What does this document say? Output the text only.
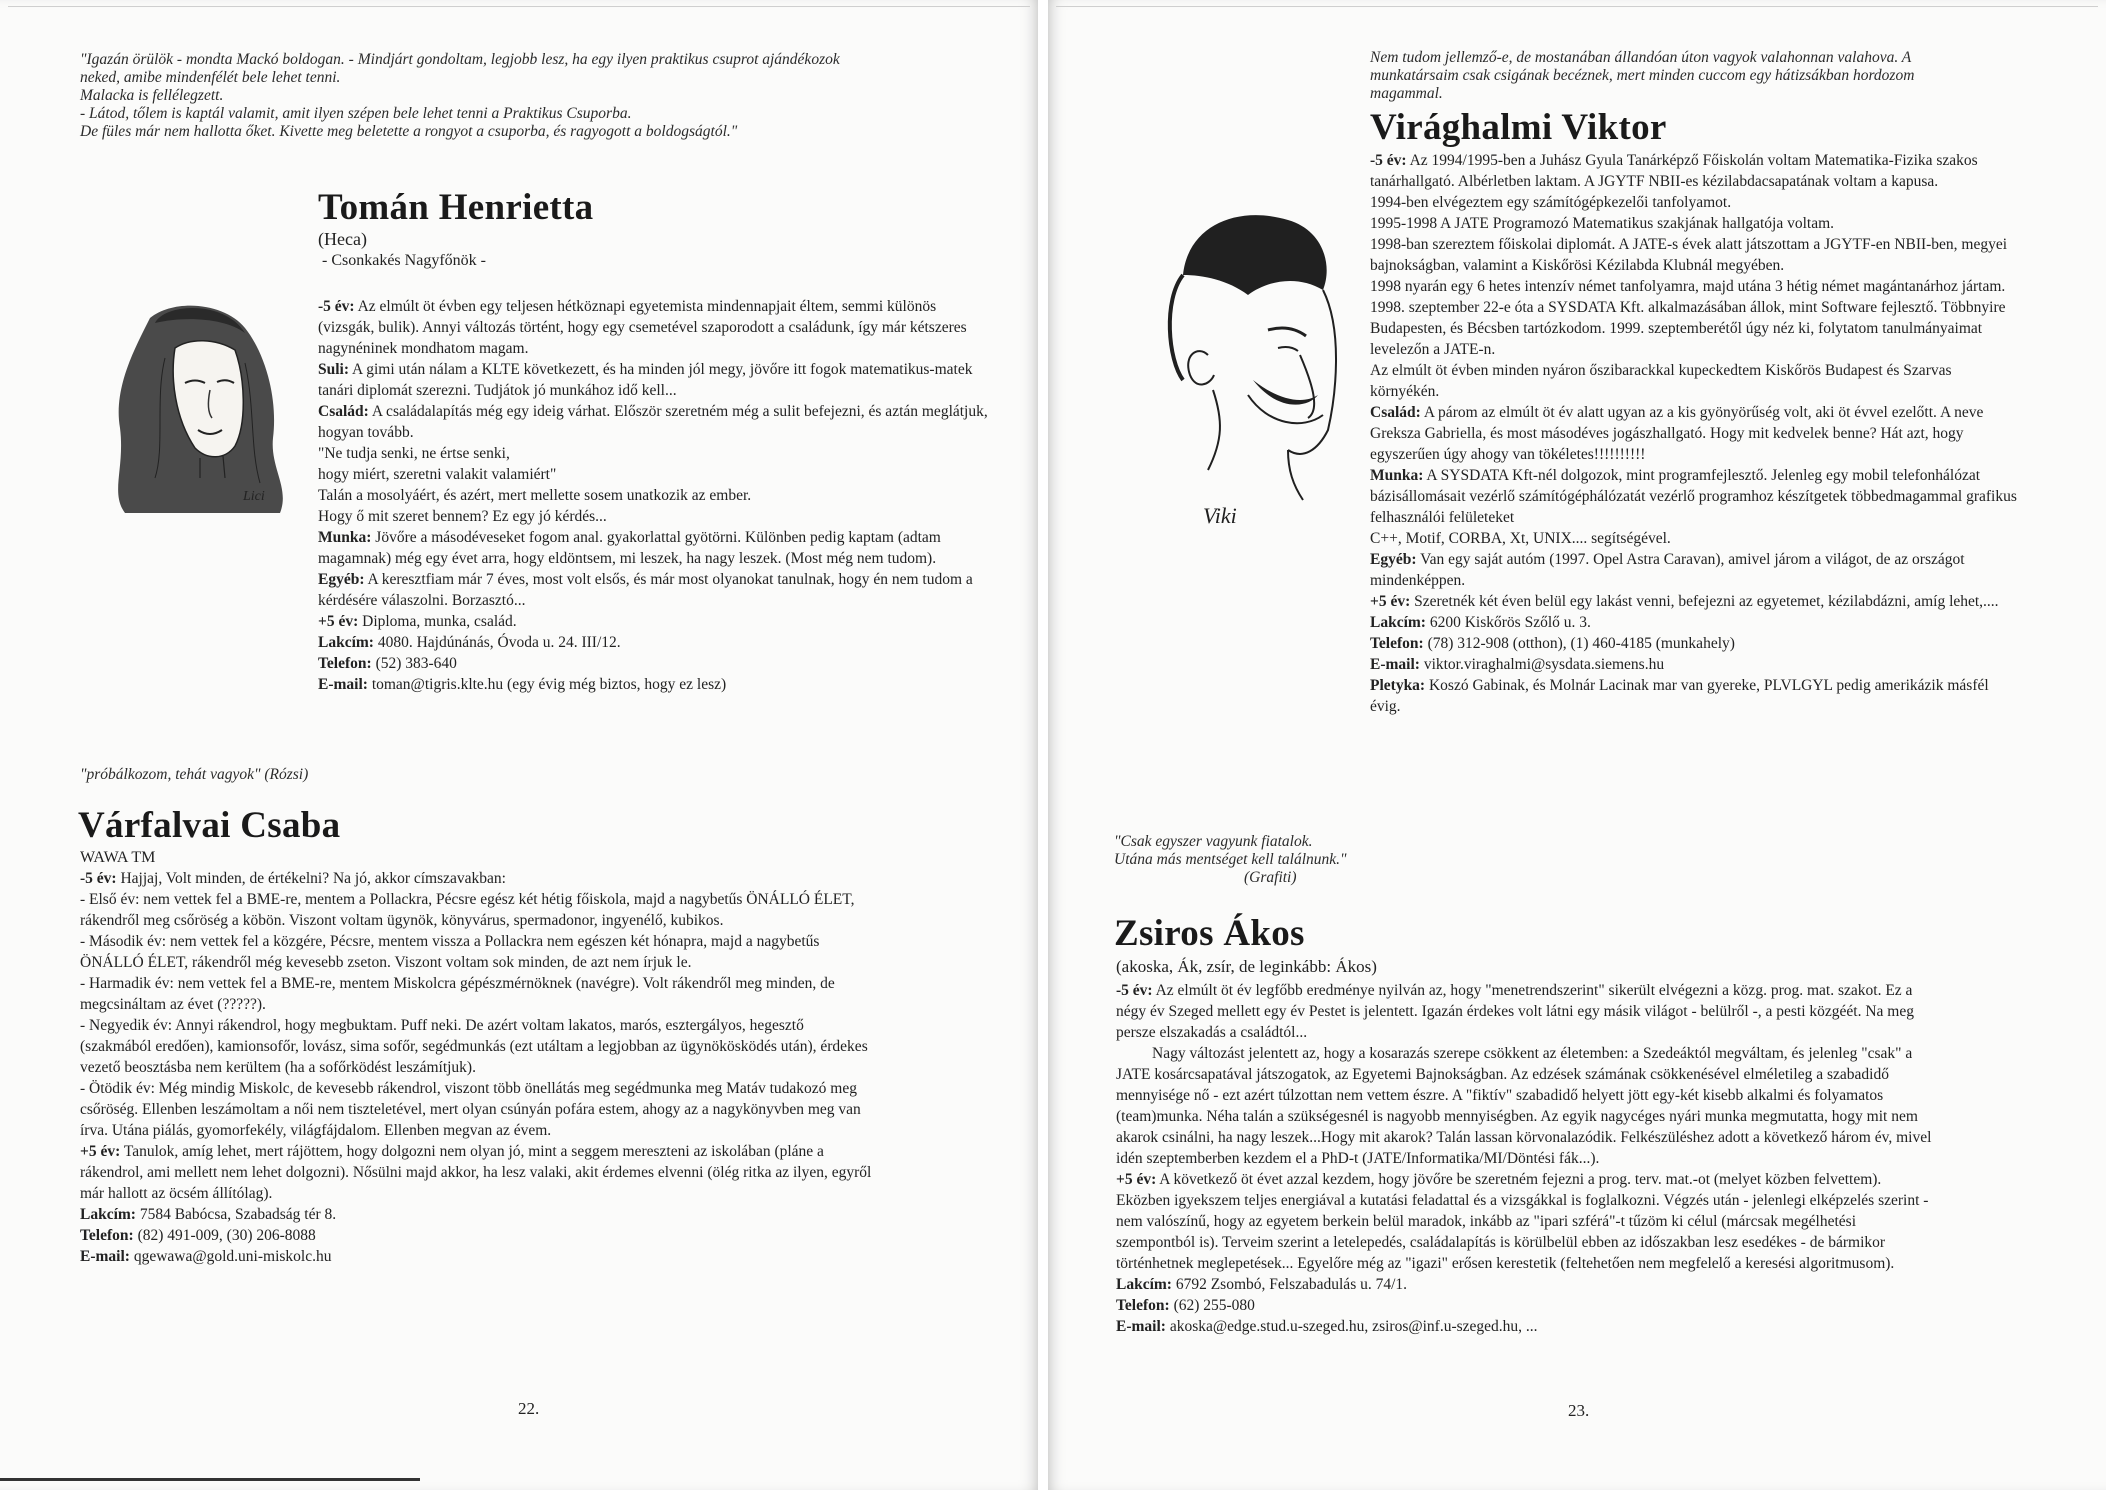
"Igazán örülök - mondta Mackó boldogan. - Mindjárt gondoltam, legjobb lesz, ha egy ilyen praktikus csuprot ajándékozok

neked, amibe mindenfélét bele lehet tenni.

Malacka is fellélegzett.

- Látod, tőlem is kaptál valamit, amit ilyen szépen bele lehet tenni a Praktikus Csuporba.

De füles már nem hallotta őket. Kivette meg beletette a rongyot a csuporba, és ragyogott a boldogságtól."

Lici
Tomán Henrietta
(Heca)
- Csonkakés Nagyfőnök -

-5 év: Az elmúlt öt évben egy teljesen hétköznapi egyetemista mindennapjait éltem, semmi különös (vizsgák, bulik). Annyi változás történt, hogy egy csemetével szaporodott a családunk, így már kétszeres nagynéninek mondhatom magam.

Suli: A gimi után nálam a KLTE következett, és ha minden jól megy, jövőre itt fogok matematikus-matek tanári diplomát szerezni. Tudjátok jó munkához idő kell...

Család: A családalapítás még egy ideig várhat. Először szeretném még a sulit befejezni, és aztán meglátjuk, hogyan tovább.

"Ne tudja senki, ne értse senki,

hogy miért, szeretni valakit valamiért"

Talán a mosolyáért, és azért, mert mellette sosem unatkozik az ember.

Hogy ő mit szeret bennem? Ez egy jó kérdés...

Munka: Jövőre a másodéveseket fogom anal. gyakorlattal gyötörni. Különben pedig kaptam (adtam magamnak) még egy évet arra, hogy eldöntsem, mi leszek, ha nagy leszek. (Most még nem tudom).

Egyéb: A keresztfiam már 7 éves, most volt elsős, és már most olyanokat tanulnak, hogy én nem tudom a kérdésére válaszolni. Borzasztó...

+5 év: Diploma, munka, család.

Lakcím: 4080. Hajdúnánás, Óvoda u. 24. III/12.

Telefon: (52) 383-640

E-mail: toman@tigris.klte.hu (egy évig még biztos, hogy ez lesz)

"próbálkozom, tehát vagyok" (Rózsi)
Várfalvai Csaba
WAWA TM

-5 év: Hajjaj, Volt minden, de értékelni? Na jó, akkor címszavakban:

- Első év: nem vettek fel a BME-re, mentem a Pollackra, Pécsre egész két hétig főiskola, majd a nagybetűs ÖNÁLLÓ ÉLET, rákendről meg csőröség a köbön. Viszont voltam ügynök, könyvárus, spermadonor, ingyenélő, kubikos.

- Második év: nem vettek fel a közgére, Pécsre, mentem vissza a Pollackra nem egészen két hónapra, majd a nagybetűs ÖNÁLLÓ ÉLET, rákendről még kevesebb zseton. Viszont voltam sok minden, de azt nem írjuk le.

- Harmadik év: nem vettek fel a BME-re, mentem Miskolcra gépészmérnöknek (navégre). Volt rákendről meg minden, de megcsináltam az évet (?????).

- Negyedik év: Annyi rákendrol, hogy megbuktam. Puff neki. De azért voltam lakatos, marós, esztergályos, hegesztő (szakmából eredően), kamionsofőr, lovász, sima sofőr, segédmunkás (ezt utáltam a legjobban az ügynökösködés után), érdekes vezető beosztásba nem kerültem (ha a sofőrködést leszámítjuk).

- Ötödik év: Még mindig Miskolc, de kevesebb rákendrol, viszont több önellátás meg segédmunka meg Matáv tudakozó meg csőröség. Ellenben leszámoltam a női nem tiszteletével, mert olyan csúnyán pofára estem, ahogy az a nagykönyvben meg van írva. Utána piálás, gyomorfekély, világfájdalom. Ellenben megvan az évem.

+5 év: Tanulok, amíg lehet, mert rájöttem, hogy dolgozni nem olyan jó, mint a seggem mereszteni az iskolában (pláne a rákendrol, ami mellett nem lehet dolgozni). Nősülni majd akkor, ha lesz valaki, akit érdemes elvenni (ölég ritka az ilyen, egyről már hallott az öcsém állítólag).

Lakcím: 7584 Babócsa, Szabadság tér 8.

Telefon: (82) 491-009, (30) 206-8088

E-mail: qgewawa@gold.uni-miskolc.hu

22.

Nem tudom jellemző-e, de mostanában állandóan úton vagyok valahonnan valahova. A

munkatársaim csak csigának becéznek, mert minden cuccom egy hátizsákban hordozom

magammal.

Viki
Virághalmi Viktor

-5 év: Az 1994/1995-ben a Juhász Gyula Tanárképző Főiskolán voltam Matematika-Fizika szakos tanárhallgató. Albérletben laktam. A JGYTF NBII-es kézilabdacsapatának voltam a kapusa.

1994-ben elvégeztem egy számítógépkezelői tanfolyamot.

1995-1998 A JATE Programozó Matematikus szakjának hallgatója voltam.

1998-ban szereztem főiskolai diplomát. A JATE-s évek alatt játszottam a JGYTF-en NBII-ben, megyei bajnokságban, valamint a Kiskőrösi Kézilabda Klubnál megyében.

1998 nyarán egy 6 hetes intenzív német tanfolyamra, majd utána 3 hétig német magántanárhoz jártam.

1998. szeptember 22-e óta a SYSDATA Kft. alkalmazásában állok, mint Software fejlesztő. Többnyire Budapesten, és Bécsben tartózkodom. 1999. szeptemberétől úgy néz ki, folytatom tanulmányaimat levelezőn a JATE-n.

Az elmúlt öt évben minden nyáron őszibarackkal kupeckedtem Kiskőrös Budapest és Szarvas környékén.

Család: A párom az elmúlt öt év alatt ugyan az a kis gyönyörűség volt, aki öt évvel ezelőtt. A neve Greksza Gabriella, és most másodéves jogászhallgató. Hogy mit kedvelek benne? Hát azt, hogy egyszerűen úgy ahogy van tökéletes!!!!!!!!!!

Munka: A SYSDATA Kft-nél dolgozok, mint programfejlesztő. Jelenleg egy mobil telefonhálózat bázisállomásait vezérlő számítógéphálózatát vezérlő programhoz készítgetek többedmagammal grafikus felhasználói felületeket

C++, Motif, CORBA, Xt, UNIX.... segítségével.

Egyéb: Van egy saját autóm (1997. Opel Astra Caravan), amivel járom a világot, de az országot mindenképpen.

+5 év: Szeretnék két éven belül egy lakást venni, befejezni az egyetemet, kézilabdázni, amíg lehet,....

Lakcím: 6200 Kiskőrös Szőlő u. 3.

Telefon: (78) 312-908 (otthon), (1) 460-4185 (munkahely)

E-mail: viktor.viraghalmi@sysdata.siemens.hu

Pletyka: Koszó Gabinak, és Molnár Lacinak mar van gyereke, PLVLGYL pedig amerikázik másfél évig.

"Csak egyszer vagyunk fiatalok.

Utána más mentséget kell találnunk."

(Grafiti)

Zsiros Ákos
(akoska, Ák, zsír, de leginkább: Ákos)

-5 év: Az elmúlt öt év legfőbb eredménye nyilván az, hogy "menetrendszerint" sikerült elvégezni a közg. prog. mat. szakot. Ez a négy év Szeged mellett egy év Pestet is jelentett. Igazán érdekes volt látni egy másik világot - belülről -, a pesti közgéét. Na meg persze elszakadás a családtól...

Nagy változást jelentett az, hogy a kosarazás szerepe csökkent az életemben: a Szedeáktól megváltam, és jelenleg "csak" a JATE kosárcsapatával játszogatok, az Egyetemi Bajnokságban. Az edzések számának csökkenésével elméletileg a szabadidő mennyisége nő - ezt azért túlzottan nem vettem észre. A "fiktív" szabadidő helyett jött egy-két kisebb alkalmi és folyamatos (team)munka. Néha talán a szükségesnél is nagyobb mennyiségben. Az egyik nagycéges nyári munka megmutatta, hogy mit nem akarok csinálni, ha nagy leszek...Hogy mit akarok? Talán lassan körvonalazódik. Felkészüléshez adott a következő három év, mivel idén szeptemberben kezdem el a PhD-t (JATE/Informatika/MI/Döntési fák...).

+5 év: A következő öt évet azzal kezdem, hogy jövőre be szeretném fejezni a prog. terv. mat.-ot (melyet közben felvettem). Eközben igyekszem teljes energiával a kutatási feladattal és a vizsgákkal is foglalkozni. Végzés után - jelenlegi elképzelés szerint - nem valószínű, hogy az egyetem berkein belül maradok, inkább az "ipari szférá"-t tűzöm ki célul (márcsak megélhetési szempontból is). Terveim szerint a letelepedés, családalapítás is körülbelül ebben az időszakban lesz esedékes - de bármikor történhetnek meglepetések... Egyelőre még az "igazi" erősen kerestetik (feltehetően nem megfelelő a keresési algoritmusom).

Lakcím: 6792 Zsombó, Felszabadulás u. 74/1.

Telefon: (62) 255-080

E-mail: akoska@edge.stud.u-szeged.hu, zsiros@inf.u-szeged.hu, ...

23.
